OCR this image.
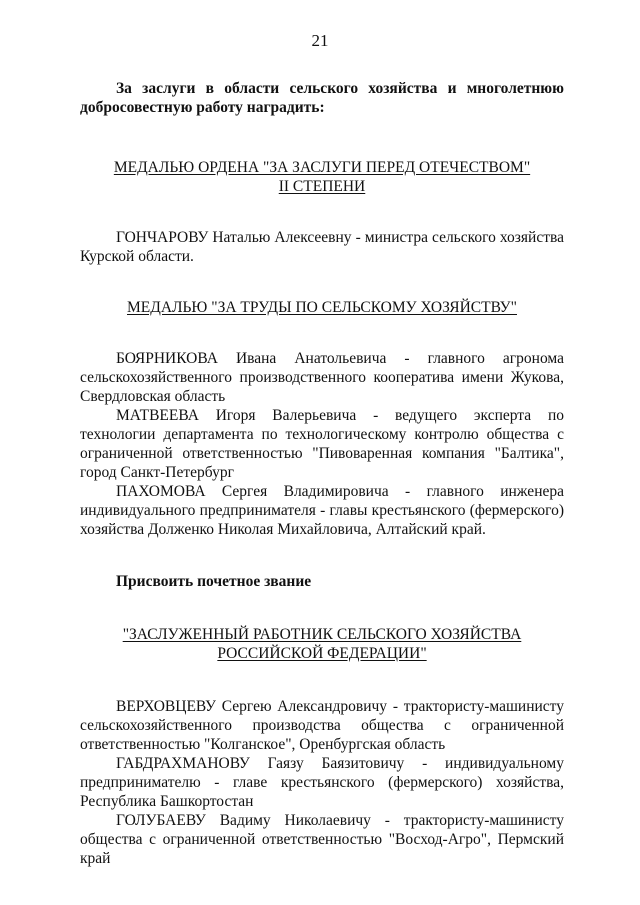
21

За заслуги в области сельского хозяйства и многолетнюю добросовестную работу наградить:

МЕДАЛЬЮ ОРДЕНА "ЗА ЗАСЛУГИ ПЕРЕД ОТЕЧЕСТВОМ"
II СТЕПЕНИ

ГОНЧАРОВУ Наталью Алексеевну - министра сельского хозяйства Курской области.

МЕДАЛЬЮ "ЗА ТРУДЫ ПО СЕЛЬСКОМУ ХОЗЯЙСТВУ"

БОЯРНИКОВА Ивана Анатольевича - главного агронома сельскохозяйственного производственного кооператива имени Жукова, Свердловская область

МАТВЕЕВА Игоря Валерьевича - ведущего эксперта по технологии департамента по технологическому контролю общества с ограниченной ответственностью "Пивоваренная компания "Балтика", город Санкт-Петербург

ПАХОМОВА Сергея Владимировича - главного инженера индивидуального предпринимателя - главы крестьянского (фермерского) хозяйства Долженко Николая Михайловича, Алтайский край.

Присвоить почетное звание

"ЗАСЛУЖЕННЫЙ РАБОТНИК СЕЛЬСКОГО ХОЗЯЙСТВА
РОССИЙСКОЙ ФЕДЕРАЦИИ"

ВЕРХОВЦЕВУ Сергею Александровичу - трактористу-машинисту сельскохозяйственного производства общества с ограниченной ответственностью "Колганское", Оренбургская область

ГАБДРАХМАНОВУ Гаязу Баязитовичу - индивидуальному предпринимателю - главе крестьянского (фермерского) хозяйства, Республика Башкортостан

ГОЛУБАЕВУ Вадиму Николаевичу - трактористу-машинисту общества с ограниченной ответственностью "Восход-Агро", Пермский край
